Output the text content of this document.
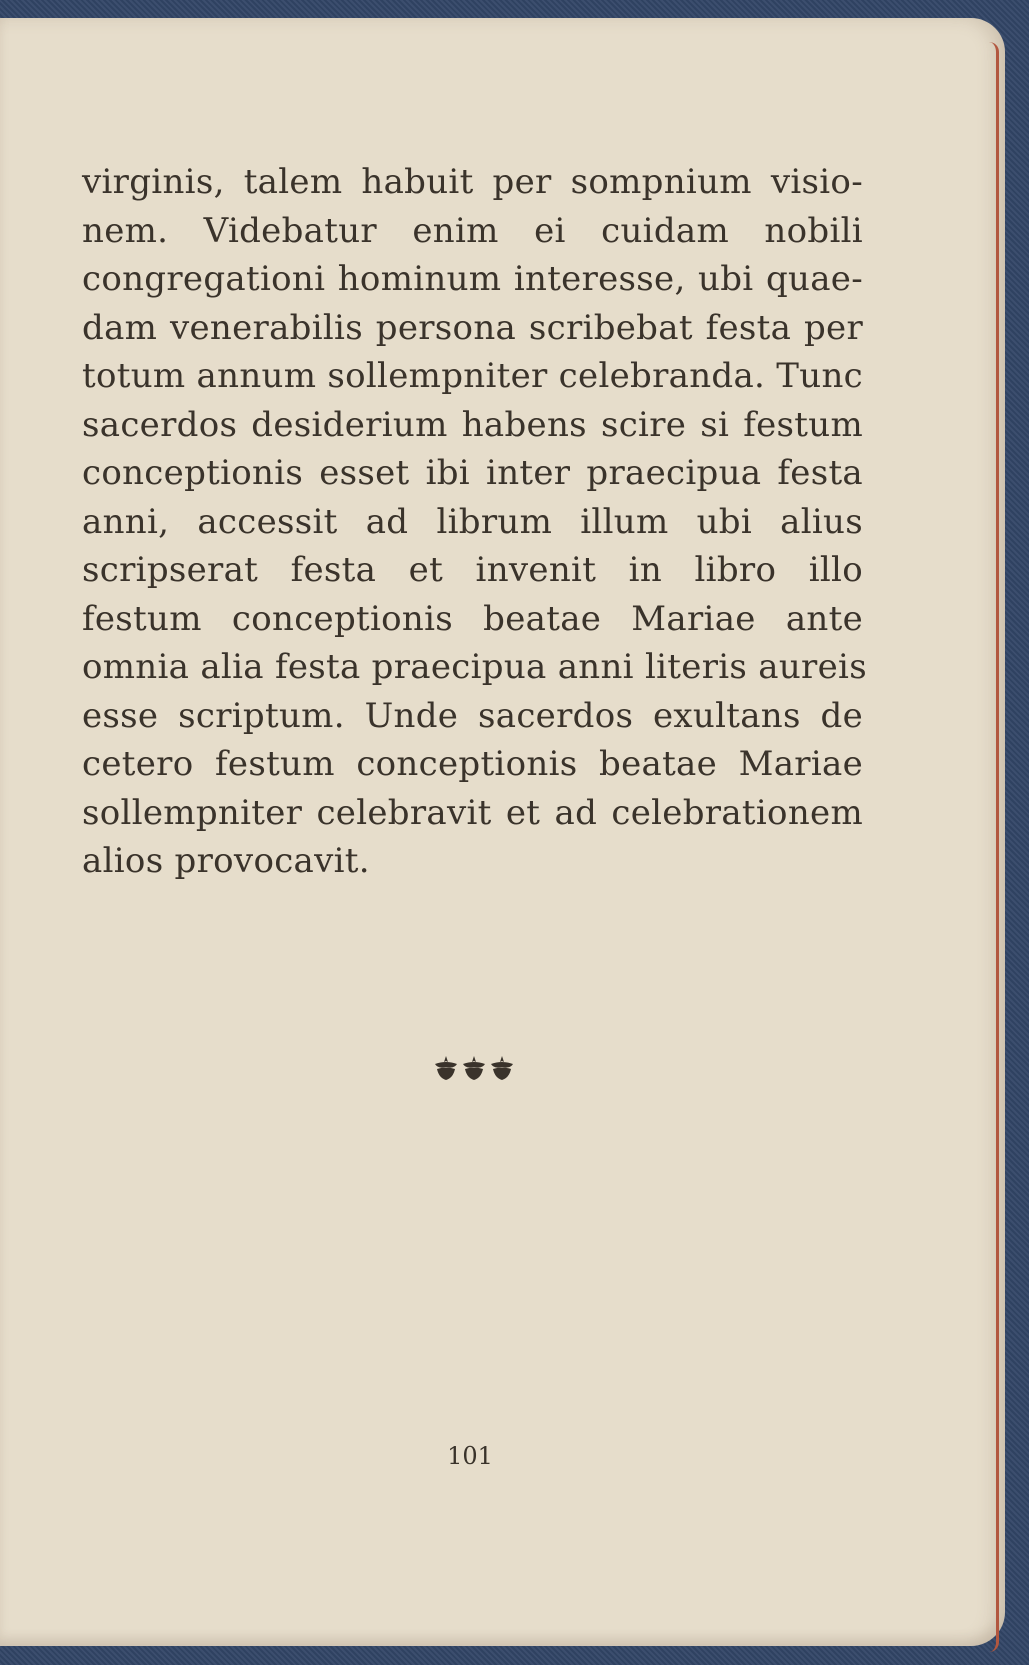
virginis, talem habuit per sompnium visio-
nem. Videbatur enim ei cuidam nobili
congregationi hominum interesse, ubi quae-
dam venerabilis persona scribebat festa per
totum annum sollempniter celebranda. Tunc
sacerdos desiderium habens scire si festum
conceptionis esset ibi inter praecipua festa
anni, accessit ad librum illum ubi alius
scripserat festa et invenit in libro illo
festum conceptionis beatae Mariae ante
omnia alia festa praecipua anni literis aureis
esse scriptum. Unde sacerdos exultans de
cetero festum conceptionis beatae Mariae
sollempniter celebravit et ad celebrationem
alios provocavit.
101
